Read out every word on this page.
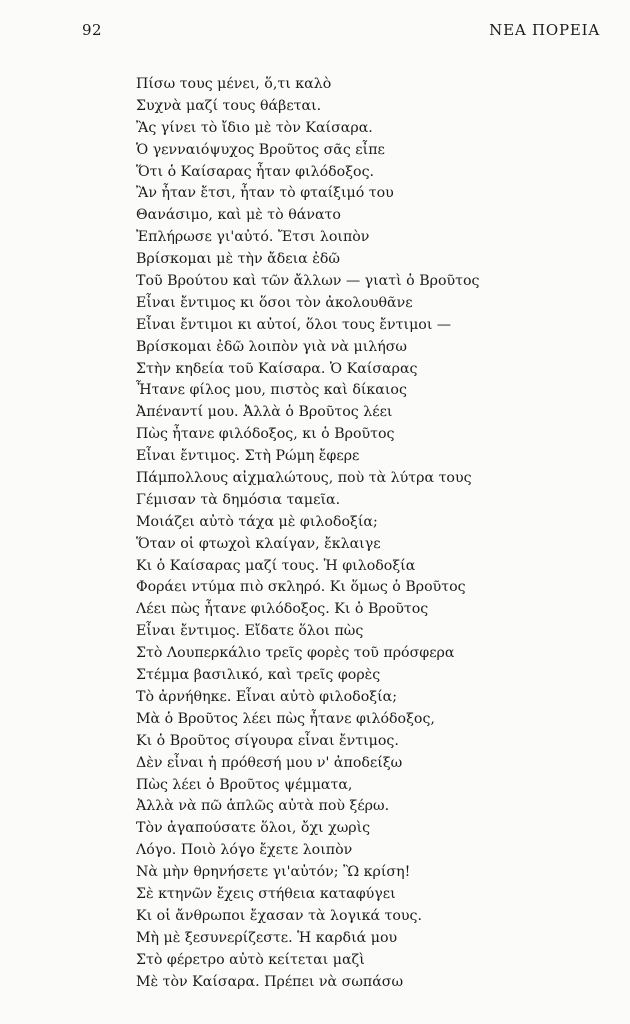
92	ΝΕΑ ΠΟΡΕΙΑ
Πίσω τους μένει, ὅ,τι καλὸ
Συχνὰ μαζί τους θάβεται.
Ἂς γίνει τὸ ἴδιο μὲ τὸν Καίσαρα.
Ὁ γενναιόψυχος Βροῦτος σᾶς εἶπε
Ὅτι ὁ Καίσαρας ἦταν φιλόδοξος.
Ἂν ἦταν ἔτσι, ἦταν τὸ φταίξιμό του
Θανάσιμο, καὶ μὲ τὸ θάνατο
Ἐπλήρωσε γι'αὐτό. Ἔτσι λοιπὸν
Βρίσκομαι μὲ τὴν ἄδεια ἐδῶ
Τοῦ Βρούτου καὶ τῶν ἄλλων — γιατὶ ὁ Βροῦτος
Εἶναι ἔντιμος κι ὅσοι τὸν ἀκολουθᾶνε
Εἶναι ἔντιμοι κι αὐτοί, ὅλοι τους ἔντιμοι —
Βρίσκομαι ἐδῶ λοιπὸν γιὰ νὰ μιλήσω
Στὴν κηδεία τοῦ Καίσαρα. Ὁ Καίσαρας
Ἦτανε φίλος μου, πιστὸς καὶ δίκαιος
Ἀπέναντί μου. Ἀλλὰ ὁ Βροῦτος λέει
Πὼς ἦτανε φιλόδοξος, κι ὁ Βροῦτος
Εἶναι ἔντιμος. Στὴ Ρώμη ἔφερε
Πάμπολλους αἰχμαλώτους, ποὺ τὰ λύτρα τους
Γέμισαν τὰ δημόσια ταμεῖα.
Μοιάζει αὐτὸ τάχα μὲ φιλοδοξία;
Ὅταν οἱ φτωχοὶ κλαίγαν, ἔκλαιγε
Κι ὁ Καίσαρας μαζί τους. Ἡ φιλοδοξία
Φοράει ντύμα πιὸ σκληρό. Κι ὅμως ὁ Βροῦτος
Λέει πὼς ἦτανε φιλόδοξος. Κι ὁ Βροῦτος
Εἶναι ἔντιμος. Εἴδατε ὅλοι πὼς
Στὸ Λουπερκάλιο τρεῖς φορὲς τοῦ πρόσφερα
Στέμμα βασιλικό, καὶ τρεῖς φορὲς
Τὸ ἀρνήθηκε. Εἶναι αὐτὸ φιλοδοξία;
Μὰ ὁ Βροῦτος λέει πὼς ἦτανε φιλόδοξος,
Κι ὁ Βροῦτος σίγουρα εἶναι ἔντιμος.
Δὲν εἶναι ἡ πρόθεσή μου ν' ἀποδείξω
Πὼς λέει ὁ Βροῦτος ψέμματα,
Ἀλλὰ νὰ πῶ ἁπλῶς αὐτὰ ποὺ ξέρω.
Τὸν ἀγαπούσατε ὅλοι, ὄχι χωρὶς
Λόγο. Ποιὸ λόγο ἔχετε λοιπὸν
Νὰ μὴν θρηνήσετε γι'αὐτόν; Ὢ κρίση!
Σὲ κτηνῶν ἔχεις στήθεια καταφύγει
Κι οἱ ἄνθρωποι ἔχασαν τὰ λογικά τους.
Μὴ μὲ ξεσυνερίζεστε. Ἡ καρδιά μου
Στὸ φέρετρο αὐτὸ κείτεται μαζὶ
Μὲ τὸν Καίσαρα. Πρέπει νὰ σωπάσω
